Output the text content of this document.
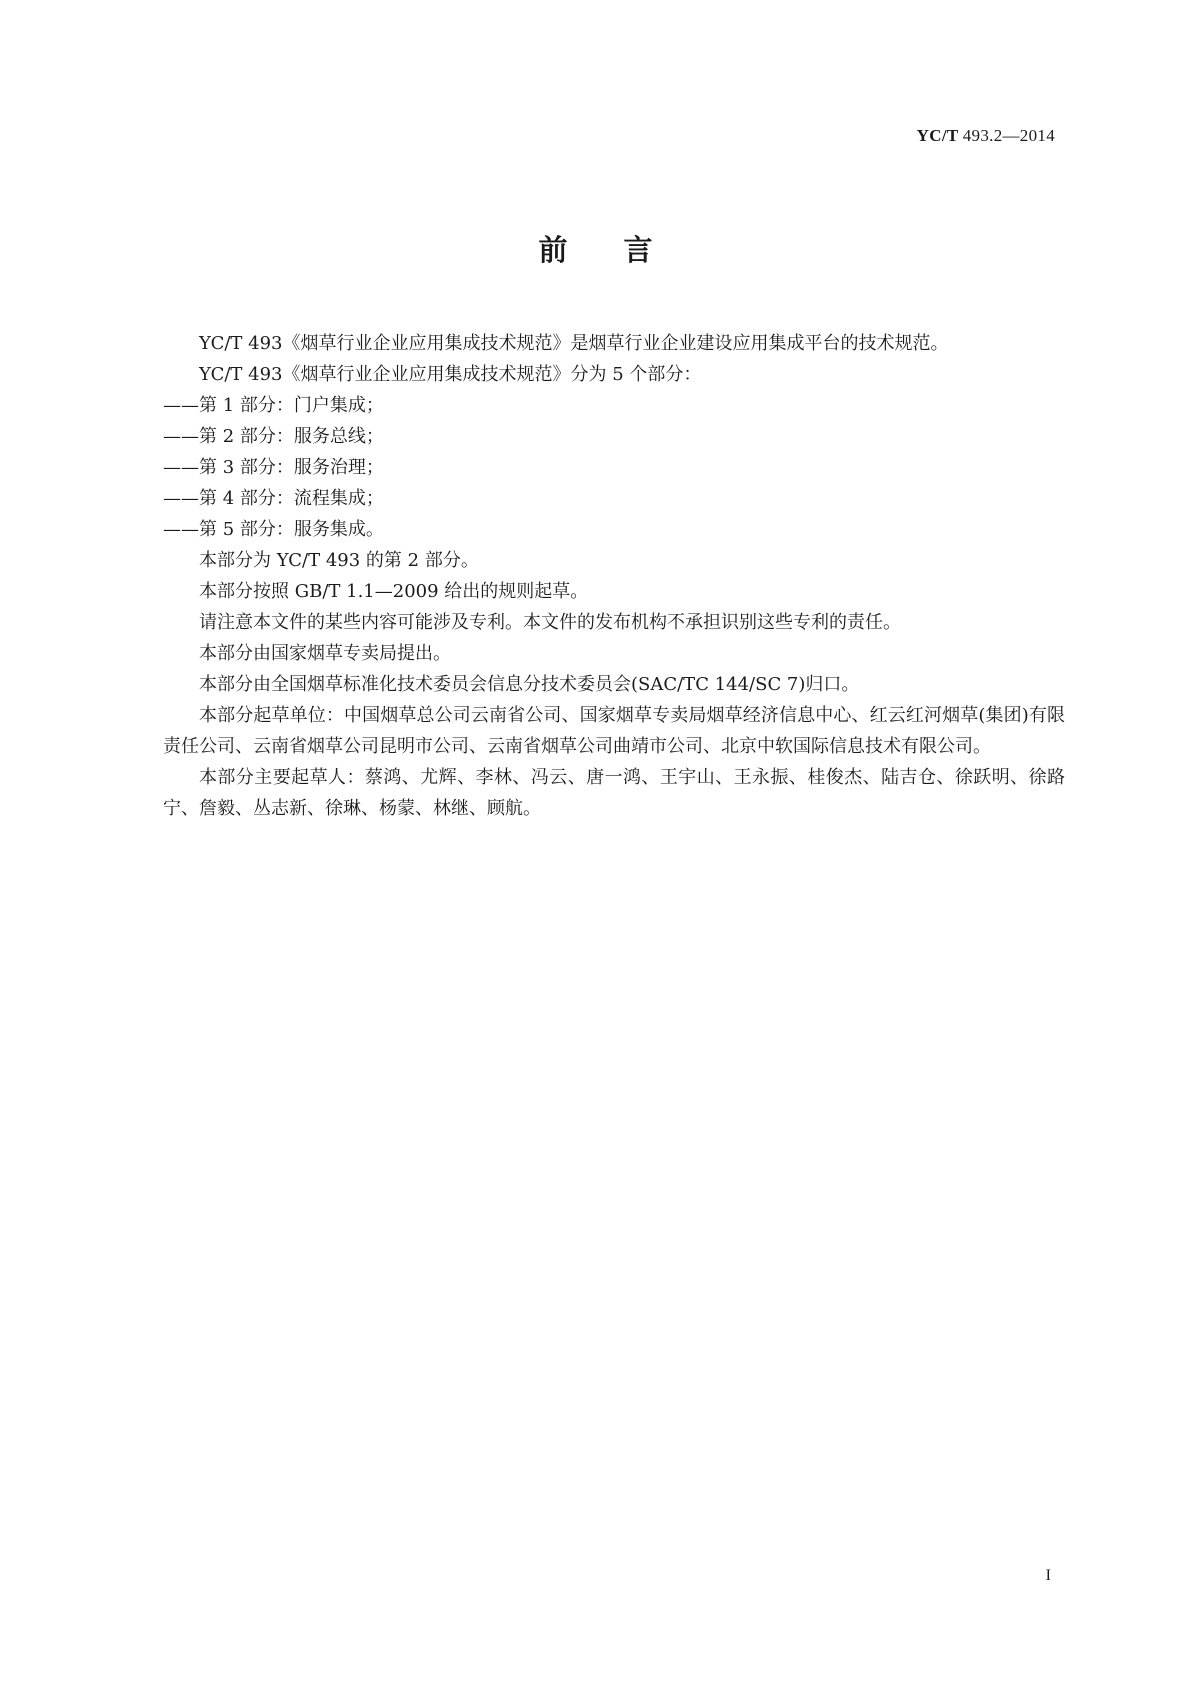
YC/T 493.2—2014
前言

YC/T 493《烟草行业企业应用集成技术规范》是烟草行业企业建设应用集成平台的技术规范。

YC/T 493《烟草行业企业应用集成技术规范》分为 5 个部分：

——第 1 部分：门户集成；

——第 2 部分：服务总线；

——第 3 部分：服务治理；

——第 4 部分：流程集成；

——第 5 部分：服务集成。

本部分为 YC/T 493 的第 2 部分。

本部分按照 GB/T 1.1—2009 给出的规则起草。

请注意本文件的某些内容可能涉及专利。本文件的发布机构不承担识别这些专利的责任。

本部分由国家烟草专卖局提出。

本部分由全国烟草标准化技术委员会信息分技术委员会(SAC/TC 144/SC 7)归口。

本部分起草单位：中国烟草总公司云南省公司、国家烟草专卖局烟草经济信息中心、红云红河烟草(集团)有限责任公司、云南省烟草公司昆明市公司、云南省烟草公司曲靖市公司、北京中软国际信息技术有限公司。

本部分主要起草人：蔡鸿、尤辉、李林、冯云、唐一鸿、王宇山、王永振、桂俊杰、陆吉仓、徐跃明、徐路宁、詹毅、丛志新、徐琳、杨蒙、林继、顾航。

I
